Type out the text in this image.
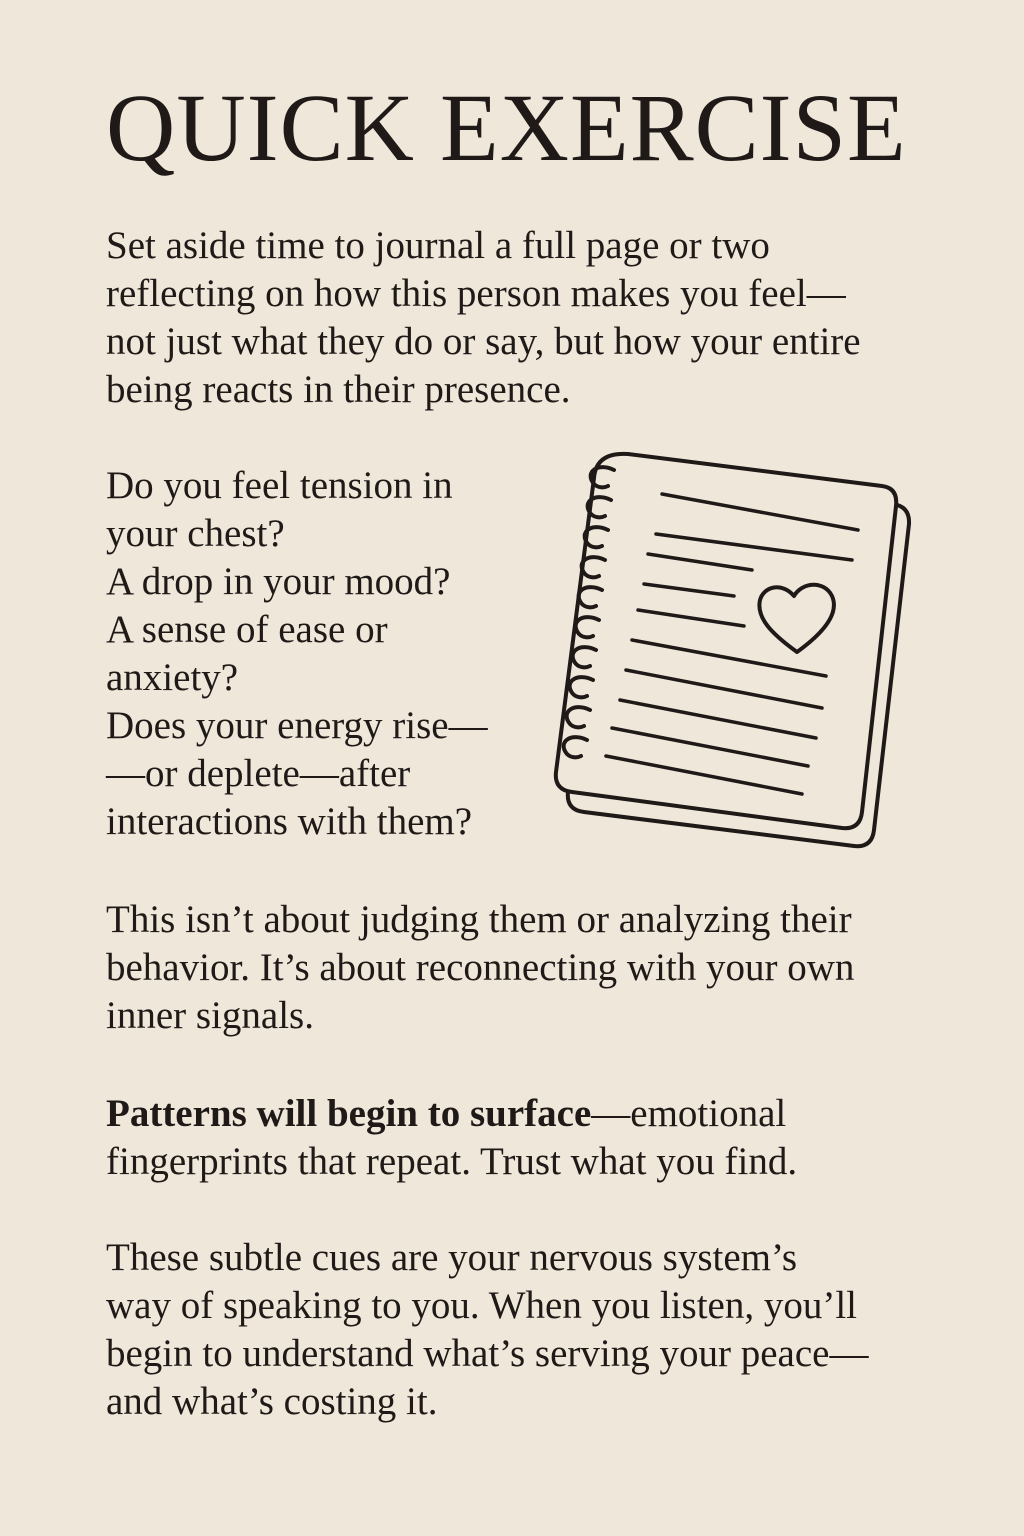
QUICK EXERCISE

Set aside time to journal a full page or two
reflecting on how this person makes you feel—
not just what they do or say, but how your entire
being reacts in their presence.

Do you feel tension in
your chest?
A drop in your mood?
A sense of ease or
anxiety?
Does your energy rise—
—or deplete—after
interactions with them?

This isn’t about judging them or analyzing their
behavior. It’s about reconnecting with your own
inner signals.

Patterns will begin to surface—emotional
fingerprints that repeat. Trust what you find.

These subtle cues are your nervous system’s
way of speaking to you. When you listen, you’ll
begin to understand what’s serving your peace—
and what’s costing it.
